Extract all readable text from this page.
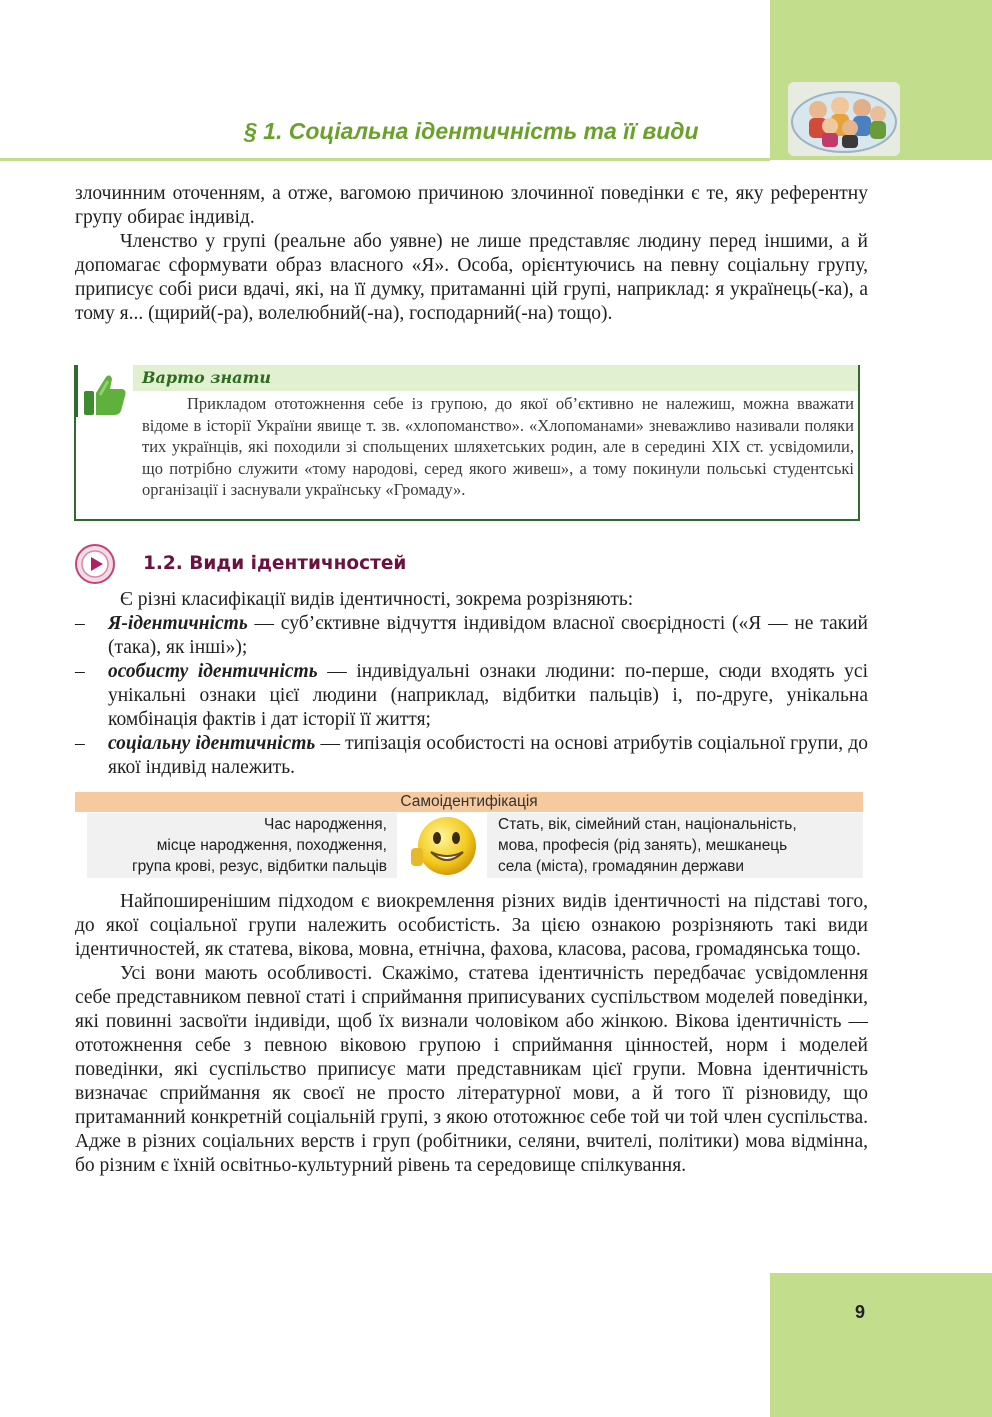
§ 1. Соціальна ідентичність та її види

злочинним оточенням, а отже, вагомою причиною злочинної поведінки є те, яку референтну групу обирає індивід.

Членство у групі (реальне або уявне) не лише представляє людину перед іншими, а й допомагає сформувати образ власного «Я». Особа, орієнтуючись на певну соціальну групу, приписує собі риси вдачі, які, на її думку, притаманні цій групі, наприклад: я українець(-ка), а тому я... (щирий(-ра), волелюбний(-на), господарний(-на) тощо).

Варто знати

Прикладом ототожнення себе із групою, до якої об’єктивно не належиш, можна вважати відоме в історії України явище т. зв. «хлопоманство». «Хлопоманами» зневажливо називали поляки тих українців, які походили зі спольщених шляхетських родин, але в середині XIX ст. усвідомили, що потрібно служити «тому народові, серед якого живеш», а тому покинули польські студентські організації і заснували українську «Громаду».

1.2. Види ідентичностей

Є різні класифікації видів ідентичності, зокрема розрізняють:

– Я-ідентичність — суб’єктивне відчуття індивідом власної своєрідності («Я — не такий (така), як інші»);
– особисту ідентичність — індивідуальні ознаки людини: по-перше, сюди входять усі унікальні ознаки цієї людини (наприклад, відбитки пальців) і, по-друге, унікальна комбінація фактів і дат історії її життя;
– соціальну ідентичність — типізація особистості на основі атрибутів соціальної групи, до якої індивід належить.
Самоідентифікація
Час народження,
місце народження, походження,
група крові, резус, відбитки пальців
Стать, вік, сімейний стан, національність,
мова, професія (рід занять), мешканець
села (міста), громадянин держави

Найпоширенішим підходом є виокремлення різних видів ідентичності на підставі того, до якої соціальної групи належить особистість. За цією ознакою розрізняють такі види ідентичностей, як статева, вікова, мовна, етнічна, фахова, класова, расова, громадянська тощо.

Усі вони мають особливості. Скажімо, статева ідентичність передбачає усвідомлення себе представником певної статі і сприймання приписуваних суспільством моделей поведінки, які повинні засвоїти індивіди, щоб їх визнали чоловіком або жінкою. Вікова ідентичність — ототожнення себе з певною віковою групою і сприймання цінностей, норм і моделей поведінки, які суспільство приписує мати представникам цієї групи. Мовна ідентичність визначає сприймання як своєї не просто літературної мови, а й того її різновиду, що притаманний конкретній соціальній групі, з якою ототожнює себе той чи той член суспільства. Адже в різних соціальних верств і груп (робітники, селяни, вчителі, політики) мова відмінна, бо різним є їхній освітньо-культурний рівень та середовище спілкування.

9
